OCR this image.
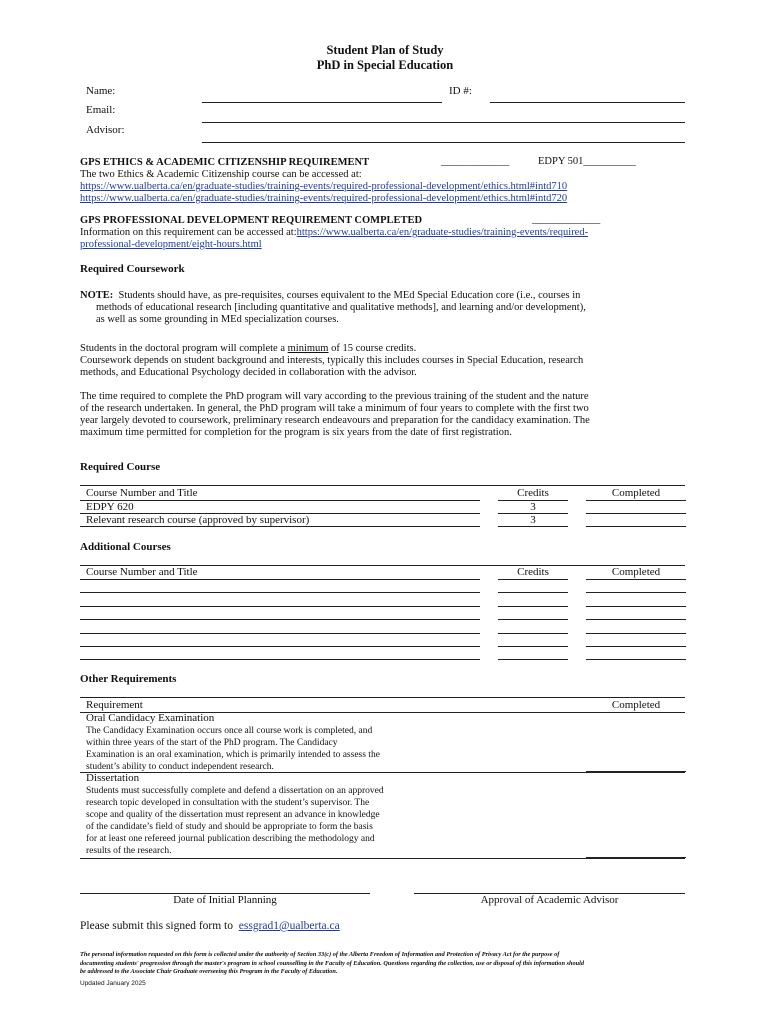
Student Plan of Study
PhD in Special Education
Name:	ID #:
Email:
Advisor:
GPS ETHICS & ACADEMIC CITIZENSHIP REQUIREMENT	_____________	EDPY 501__________
The two Ethics & Academic Citizenship course can be accessed at:
https://www.ualberta.ca/en/graduate-studies/training-events/required-professional-development/ethics.html#intd710
https://www.ualberta.ca/en/graduate-studies/training-events/required-professional-development/ethics.html#intd720
GPS PROFESSIONAL DEVELOPMENT REQUIREMENT COMPLETED	_____________
Information on this requirement can be accessed at:https://www.ualberta.ca/en/graduate-studies/training-events/required-
professional-development/eight-hours.html
Required Coursework
NOTE: Students should have, as pre-requisites, courses equivalent to the MEd Special Education core (i.e., courses in
methods of educational research [including quantitative and qualitative methods], and learning and/or development),
as well as some grounding in MEd specialization courses.
Students in the doctoral program will complete a minimum of 15 course credits.
Coursework depends on student background and interests, typically this includes courses in Special Education, research
methods, and Educational Psychology decided in collaboration with the advisor.
The time required to complete the PhD program will vary according to the previous training of the student and the nature
of the research undertaken. In general, the PhD program will take a minimum of four years to complete with the first two
year largely devoted to coursework, preliminary research endeavours and preparation for the candidacy examination. The
maximum time permitted for completion for the program is six years from the date of first registration.
Required Course
Course Number and Title	Credits	Completed
EDPY 620	3
Relevant research course (approved by supervisor)	3
Additional Courses
Course Number and Title	Credits	Completed
Other Requirements
Requirement	Completed
Oral Candidacy Examination
The Candidacy Examination occurs once all course work is completed, and
within three years of the start of the PhD program. The Candidacy
Examination is an oral examination, which is primarily intended to assess the
student’s ability to conduct independent research.
Dissertation
Students must successfully complete and defend a dissertation on an approved
research topic developed in consultation with the student’s supervisor. The
scope and quality of the dissertation must represent an advance in knowledge
of the candidate’s field of study and should be appropriate to form the basis
for at least one refereed journal publication describing the methodology and
results of the research.
Date of Initial Planning	Approval of Academic Advisor
Please submit this signed form to essgrad1@ualberta.ca
The personal information requested on this form is collected under the authority of Section 33(c) of the Alberta Freedom of Information and Protection of Privacy Act for the purpose of
documenting students' progression through the master's program in school counselling in the Faculty of Education. Questions regarding the collection, use or disposal of this information should
be addressed to the Associate Chair Graduate overseeing this Program in the Faculty of Education.
Updated January 2025
